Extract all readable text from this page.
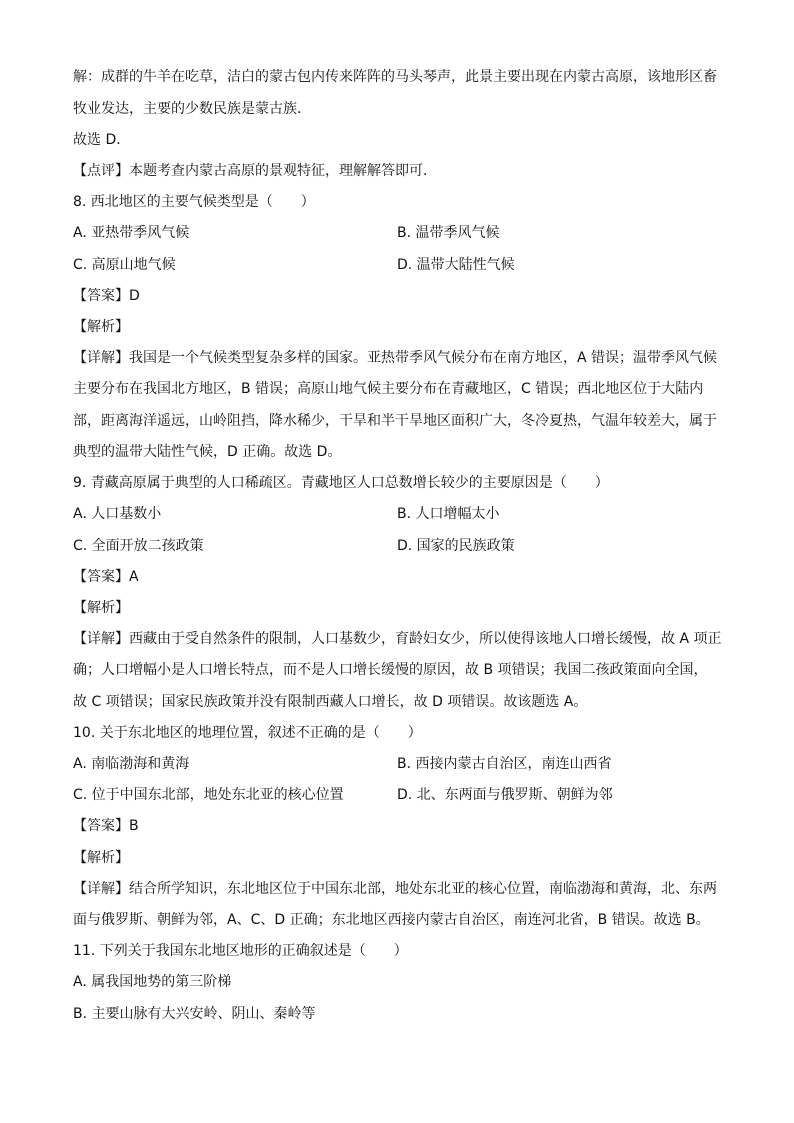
解：成群的牛羊在吃草，洁白的蒙古包内传来阵阵的马头琴声，此景主要出现在内蒙古高原，该地形区畜
牧业发达，主要的少数民族是蒙古族．
故选 D．
【点评】本题考查内蒙古高原的景观特征，理解解答即可．
8. 西北地区的主要气候类型是（　　）
A. 亚热带季风气候	B. 温带季风气候
C. 高原山地气候	D. 温带大陆性气候
【答案】D
【解析】
【详解】我国是一个气候类型复杂多样的国家。亚热带季风气候分布在南方地区，A 错误；温带季风气候
主要分布在我国北方地区，B 错误；高原山地气候主要分布在青藏地区，C 错误；西北地区位于大陆内
部，距离海洋遥远，山岭阻挡，降水稀少，干旱和半干旱地区面积广大，冬冷夏热，气温年较差大，属于
典型的温带大陆性气候，D 正确。故选 D。
9. 青藏高原属于典型的人口稀疏区。青藏地区人口总数增长较少的主要原因是（　　）
A. 人口基数小	B. 人口增幅太小
C. 全面开放二孩政策	D. 国家的民族政策
【答案】A
【解析】
【详解】西藏由于受自然条件的限制，人口基数少，育龄妇女少，所以使得该地人口增长缓慢，故 A 项正
确；人口增幅小是人口增长特点，而不是人口增长缓慢的原因，故 B 项错误；我国二孩政策面向全国，
故 C 项错误；国家民族政策并没有限制西藏人口增长，故 D 项错误。故该题选 A。
10. 关于东北地区的地理位置，叙述不正确的是（　　）
A. 南临渤海和黄海	B. 西接内蒙古自治区，南连山西省
C. 位于中国东北部，地处东北亚的核心位置	D. 北、东两面与俄罗斯、朝鲜为邻
【答案】B
【解析】
【详解】结合所学知识，东北地区位于中国东北部，地处东北亚的核心位置，南临渤海和黄海，北、东两
面与俄罗斯、朝鲜为邻，A、C、D 正确；东北地区西接内蒙古自治区，南连河北省，B 错误。故选 B。
11. 下列关于我国东北地区地形的正确叙述是（　　）
A. 属我国地势的第三阶梯
B. 主要山脉有大兴安岭、阴山、秦岭等
